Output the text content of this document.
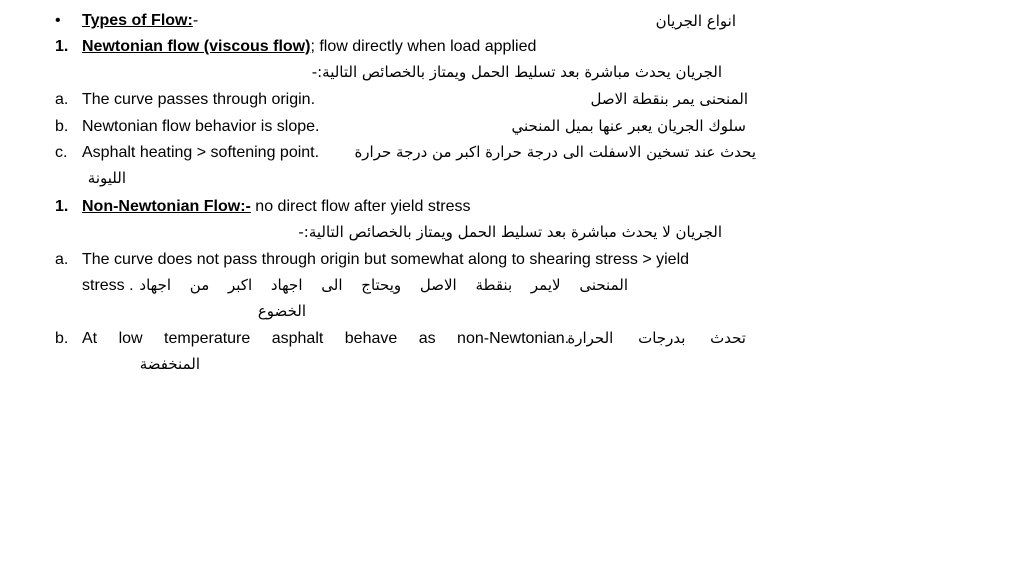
• Types of Flow:-	انواع الجريان
1. Newtonian flow (viscous flow); flow directly when load applied
الجريان يحدث مباشرة بعد تسليط الحمل ويمتاز بالخصائص التالية:-
a. The curve passes through origin.	المنحنى يمر بنقطة الاصل
b. Newtonian flow behavior is slope.	سلوك الجريان يعبر عنها بميل المنحني
c. Asphalt heating > softening point. يحدث عند تسخين الاسفلت الى درجة حرارة اكبر من درجة حرارة
الليونة
1. Non-Newtonian Flow:- no direct flow after yield stress
الجريان لا يحدث مباشرة بعد تسليط الحمل ويمتاز بالخصائص التالية:-
a. The curve does not pass through origin but somewhat along to shearing stress > yield
stress . المنحنى لايمر بنقطة الاصل ويحتاج الى اجهاد اكبر من اجهاد
الخضوع
b. At low temperature asphalt behave as non-Newtonian.
تحدث بدرجات الحرارة
المنخفضة
